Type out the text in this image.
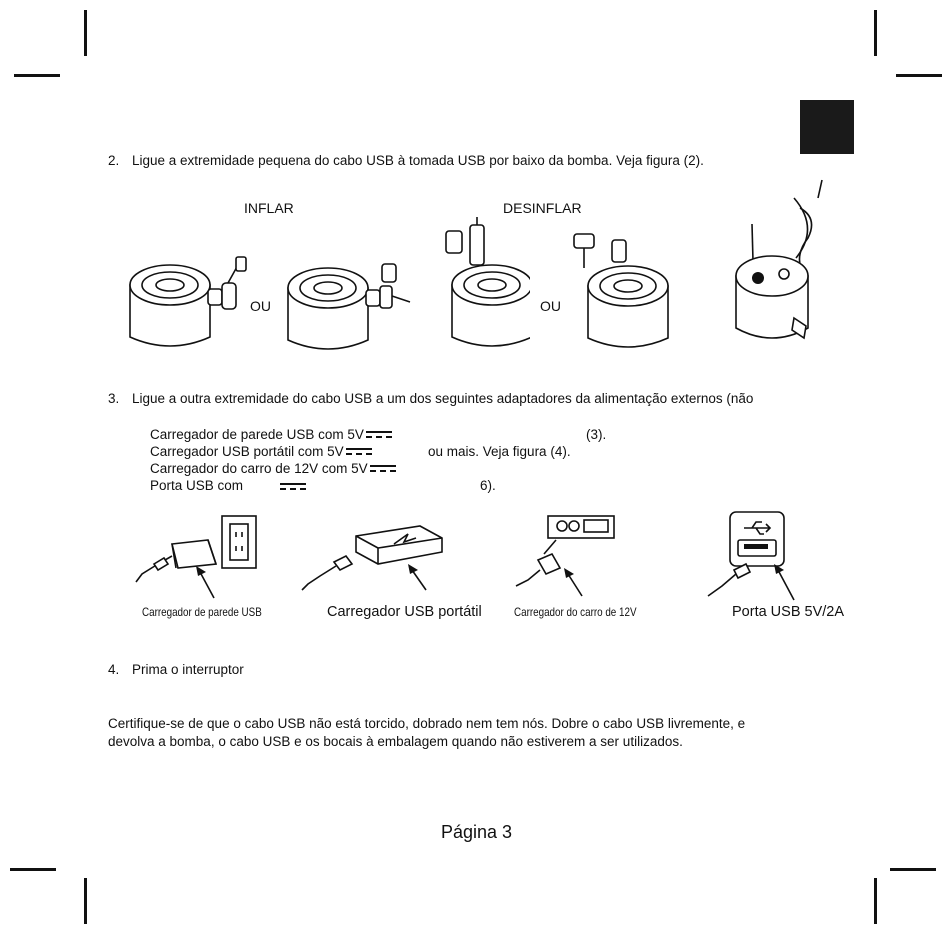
2. Ligue a extremidade pequena do cabo USB à tomada USB por baixo da bomba. Veja figura (2).
INFLAR	DESINFLAR
OU	OU
3. Ligue a outra extremidade do cabo USB a um dos seguintes adaptadores da alimentação externos (não
Carregador de parede USB com 5V	(3).
Carregador USB portátil com 5V	ou mais. Veja figura (4).
Carregador do carro de 12V com 5V
Porta USB com	6).
Carregador de parede USB	Carregador USB portátil	Carregador do carro de 12V	Porta USB 5V/2A
4. Prima o interruptor
Certifique-se de que o cabo USB não está torcido, dobrado nem tem nós. Dobre o cabo USB livremente, e
devolva a bomba, o cabo USB e os bocais à embalagem quando não estiverem a ser utilizados.
Página 3
